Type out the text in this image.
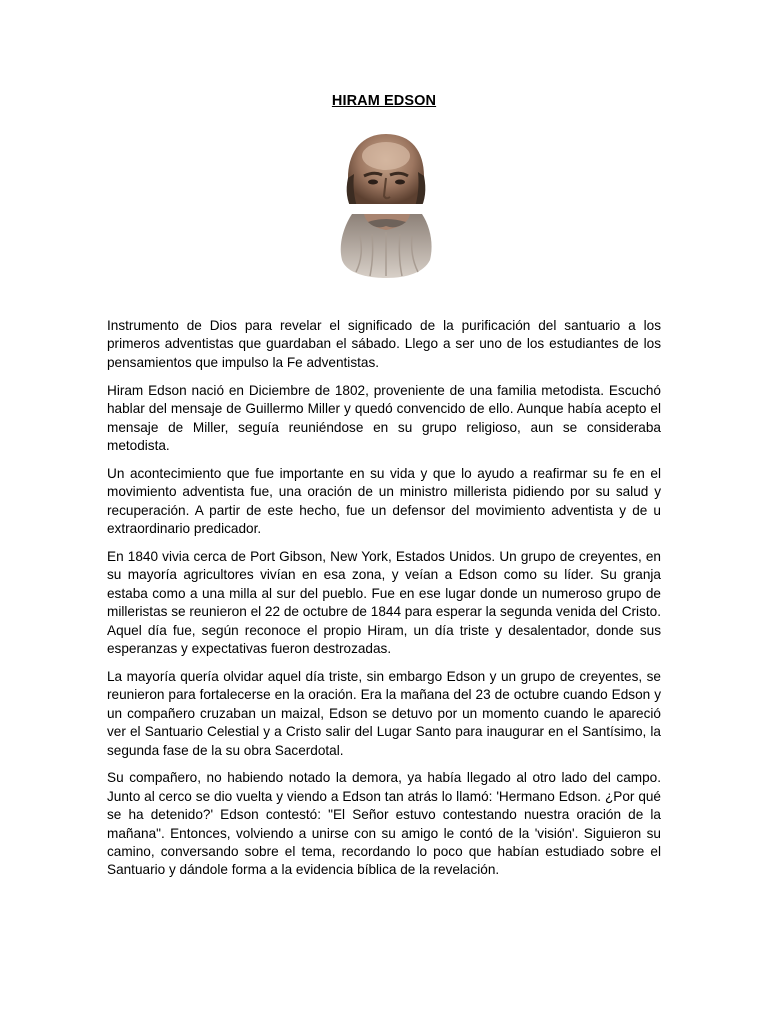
HIRAM EDSON

Instrumento de Dios para revelar el significado de la purificación del santuario a los primeros adventistas que guardaban el sábado. Llego a ser uno de los estudiantes de los pensamientos que impulso la Fe adventistas.

Hiram Edson nació en Diciembre de 1802, proveniente de una familia metodista. Escuchó hablar del mensaje de Guillermo Miller y quedó convencido de ello. Aunque había acepto el mensaje de Miller, seguía reuniéndose en su grupo religioso, aun se consideraba metodista.

Un acontecimiento que fue importante en su vida y que lo ayudo a reafirmar su fe en el movimiento adventista fue, una oración de un ministro millerista pidiendo por su salud y recuperación. A partir de este hecho, fue un defensor del movimiento adventista y de u extraordinario predicador.

En 1840 vivia cerca de Port Gibson, New York, Estados Unidos. Un grupo de creyentes, en su mayoría agricultores vivían en esa zona, y veían a Edson como su líder. Su granja estaba como a una milla al sur del pueblo. Fue en ese lugar donde un numeroso grupo de milleristas se reunieron el 22 de octubre de 1844 para esperar la segunda venida del Cristo. Aquel día fue, según reconoce el propio Hiram, un día triste y desalentador, donde sus esperanzas y expectativas fueron destrozadas.

La mayoría quería olvidar aquel día triste, sin embargo Edson y un grupo de creyentes, se reunieron para fortalecerse en la oración. Era la mañana del 23 de octubre cuando Edson y un compañero cruzaban un maizal, Edson se detuvo por un momento cuando le apareció ver el Santuario Celestial y a Cristo salir del Lugar Santo para inaugurar en el Santísimo, la segunda fase de la su obra Sacerdotal.

Su compañero, no habiendo notado la demora, ya había llegado al otro lado del campo. Junto al cerco se dio vuelta y viendo a Edson tan atrás lo llamó: 'Hermano Edson. ¿Por qué se ha detenido?' Edson contestó: "El Señor estuvo contestando nuestra oración de la mañana". Entonces, volviendo a unirse con su amigo le contó de la 'visión'. Siguieron su camino, conversando sobre el tema, recordando lo poco que habían estudiado sobre el Santuario y dándole forma a la evidencia bíblica de la revelación.
